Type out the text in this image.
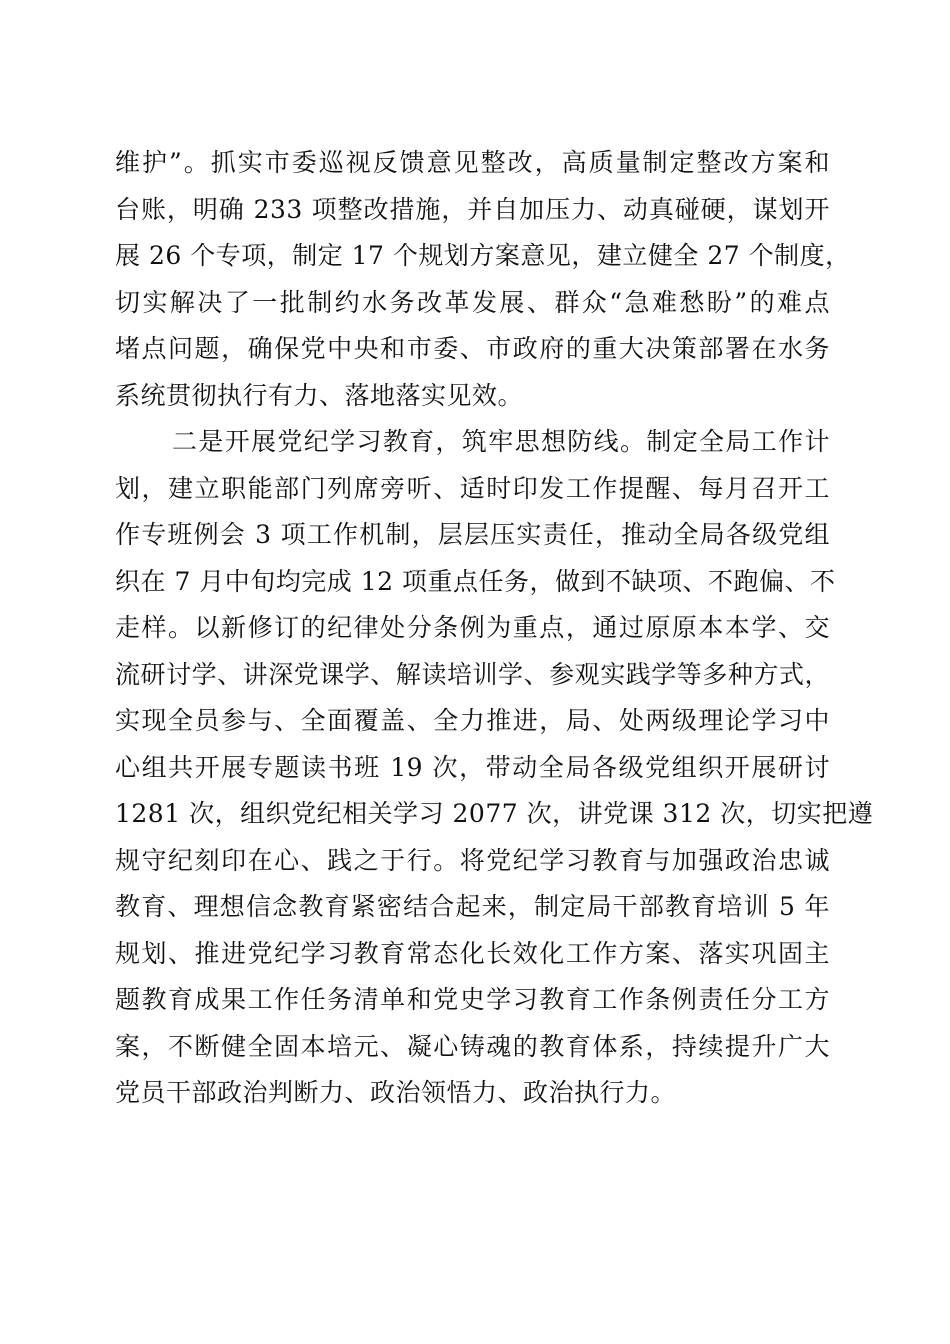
维护”。抓实市委巡视反馈意见整改，高质量制定整改方案和
台账，明确 233 项整改措施，并自加压力、动真碰硬，谋划开
展 26 个专项，制定 17 个规划方案意见，建立健全 27 个制度，
切实解决了一批制约水务改革发展、群众“急难愁盼”的难点
堵点问题，确保党中央和市委、市政府的重大决策部署在水务
系统贯彻执行有力、落地落实见效。
二是开展党纪学习教育，筑牢思想防线。制定全局工作计
划，建立职能部门列席旁听、适时印发工作提醒、每月召开工
作专班例会 3 项工作机制，层层压实责任，推动全局各级党组
织在 7 月中旬均完成 12 项重点任务，做到不缺项、不跑偏、不
走样。以新修订的纪律处分条例为重点，通过原原本本学、交
流研讨学、讲深党课学、解读培训学、参观实践学等多种方式，
实现全员参与、全面覆盖、全力推进，局、处两级理论学习中
心组共开展专题读书班 19 次，带动全局各级党组织开展研讨
1281 次，组织党纪相关学习 2077 次，讲党课 312 次，切实把遵
规守纪刻印在心、践之于行。将党纪学习教育与加强政治忠诚
教育、理想信念教育紧密结合起来，制定局干部教育培训 5 年
规划、推进党纪学习教育常态化长效化工作方案、落实巩固主
题教育成果工作任务清单和党史学习教育工作条例责任分工方
案，不断健全固本培元、凝心铸魂的教育体系，持续提升广大
党员干部政治判断力、政治领悟力、政治执行力。
